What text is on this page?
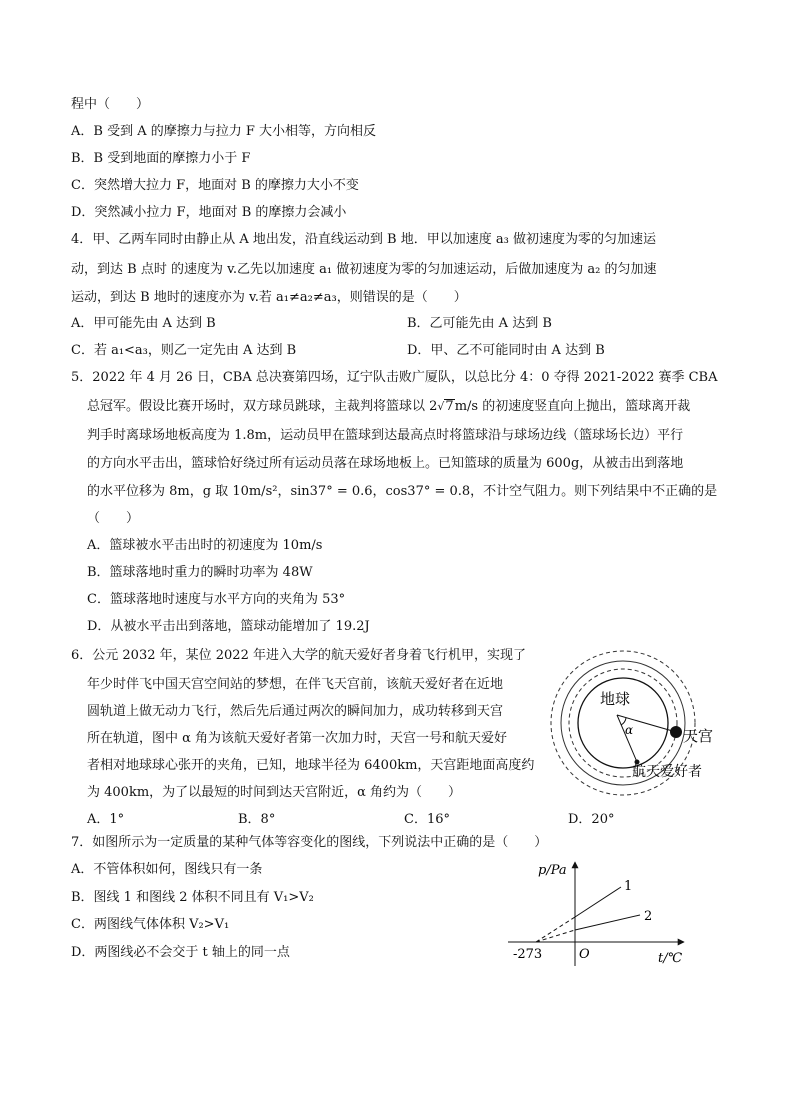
程中（　　）
A．B 受到 A 的摩擦力与拉力 F 大小相等，方向相反
B．B 受到地面的摩擦力小于 F
C．突然增大拉力 F，地面对 B 的摩擦力大小不变
D．突然减小拉力 F，地面对 B 的摩擦力会减小
4．甲、乙两车同时由静止从 A 地出发，沿直线运动到 B 地．甲以加速度 a₃ 做初速度为零的匀加速运
动，到达 B 点时 的速度为 v.乙先以加速度 a₁ 做初速度为零的匀加速运动，后做加速度为 a₂ 的匀加速
运动，到达 B 地时的速度亦为 v.若 a₁≠a₂≠a₃，则错误的是（　　）
A．甲可能先由 A 达到 B	B．乙可能先由 A 达到 B
C．若 a₁<a₃，则乙一定先由 A 达到 B	D．甲、乙不可能同时由 A 达到 B
5．2022 年 4 月 26 日，CBA 总决赛第四场，辽宁队击败广厦队，以总比分 4：0 夺得 2021-2022 赛季 CBA
总冠军。假设比赛开场时，双方球员跳球，主裁判将篮球以 2√7m/s 的初速度竖直向上抛出，篮球离开裁
判手时离球场地板高度为 1.8m，运动员甲在篮球到达最高点时将篮球沿与球场边线（篮球场长边）平行
的方向水平击出，篮球恰好绕过所有运动员落在球场地板上。已知篮球的质量为 600g，从被击出到落地
的水平位移为 8m，g 取 10m/s²，sin37° = 0.6，cos37° = 0.8，不计空气阻力。则下列结果中不正确的是
（　　）
A．篮球被水平击出时的初速度为 10m/s
B．篮球落地时重力的瞬时功率为 48W
C．篮球落地时速度与水平方向的夹角为 53°
D．从被水平击出到落地，篮球动能增加了 19.2J
6．公元 2032 年，某位 2022 年进入大学的航天爱好者身着飞行机甲，实现了
年少时伴飞中国天宫空间站的梦想，在伴飞天宫前，该航天爱好者在近地
圆轨道上做无动力飞行，然后先后通过两次的瞬间加力，成功转移到天宫
所在轨道，图中 α 角为该航天爱好者第一次加力时，天宫一号和航天爱好
者相对地球球心张开的夹角，已知，地球半径为 6400km，天宫距地面高度约
为 400km，为了以最短的时间到达天宫附近，α 角约为（　　）
A．1°	B．8°	C．16°	D．20°
地球
α	天宫
航天爱好者
7．如图所示为一定质量的某种气体等容变化的图线，下列说法中正确的是（　　）
A．不管体积如何，图线只有一条
B．图线 1 和图线 2 体积不同且有 V₁>V₂
C．两图线气体体积 V₂>V₁
D．两图线必不会交于 t 轴上的同一点
p/Pa
t/℃
O
-273
1
2
